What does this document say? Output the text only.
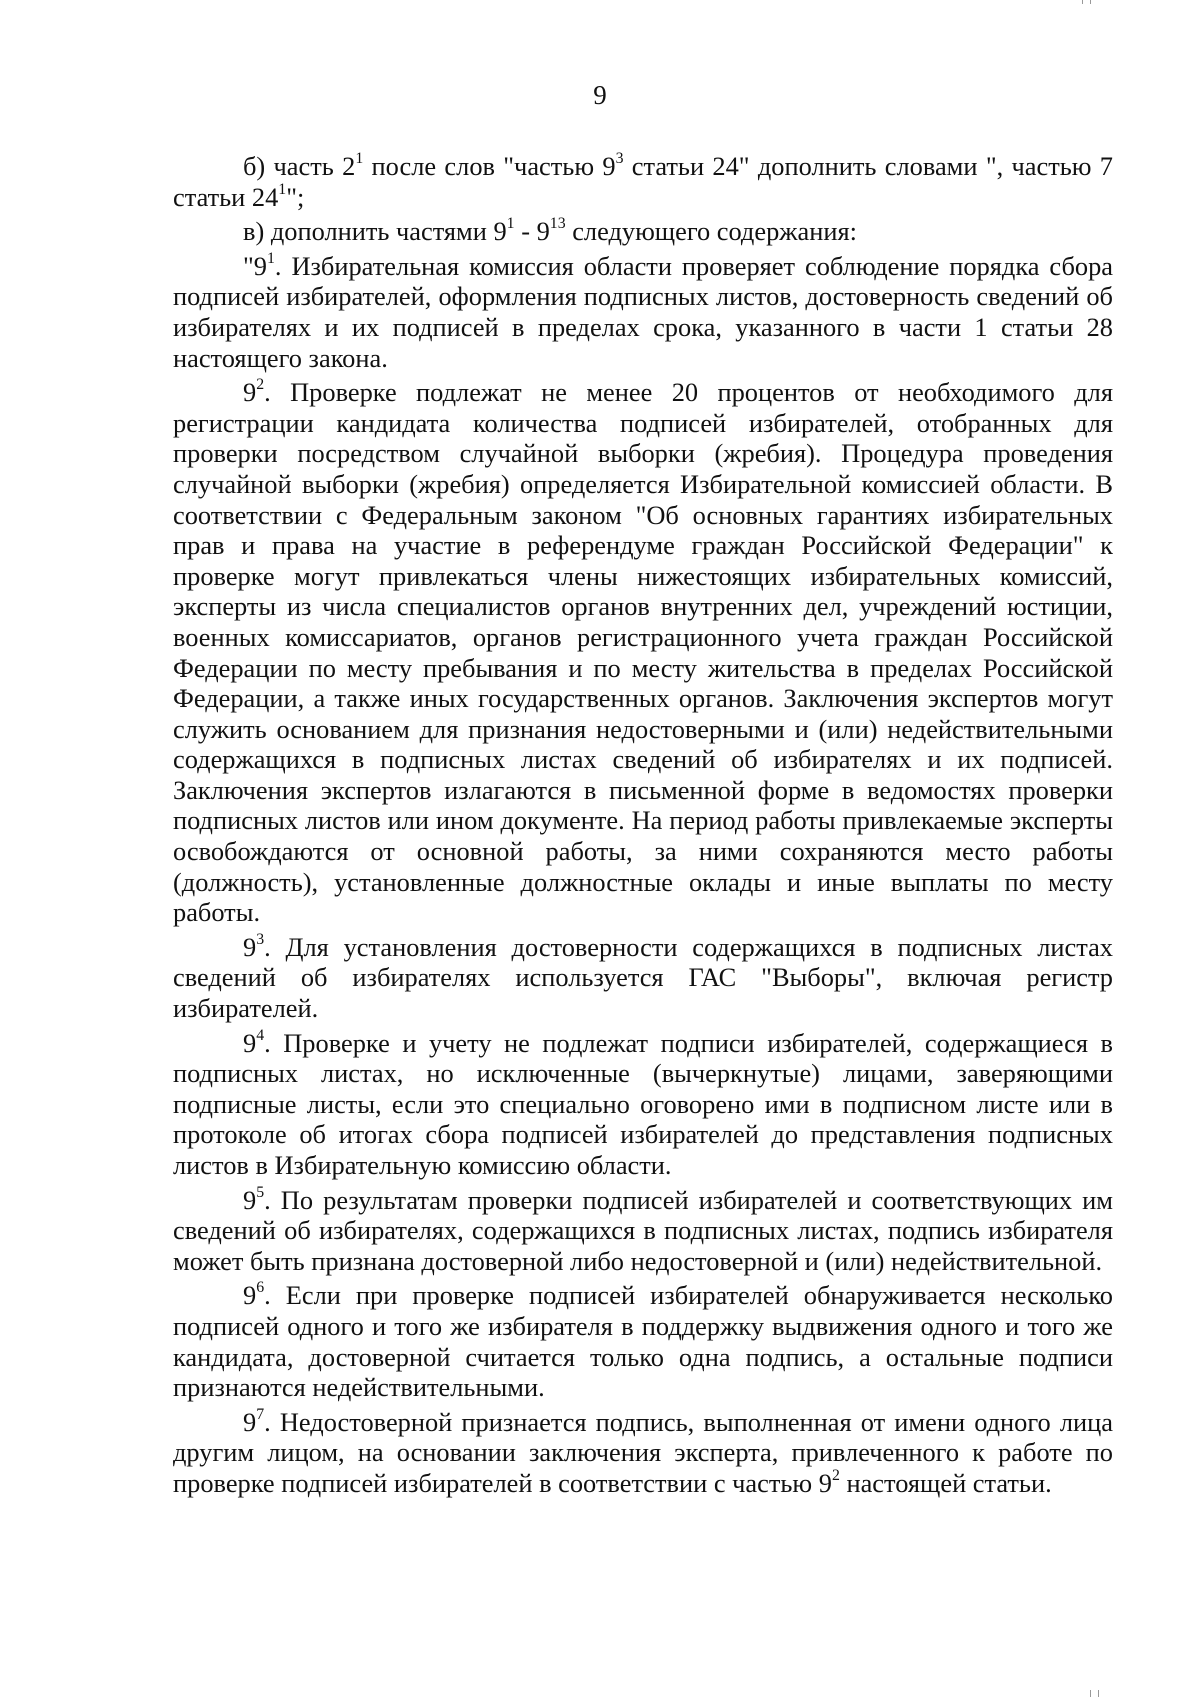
9

б) часть $2^1$ после слов "частью $9^3$ статьи 24" дополнить словами ", частью 7 статьи $24^1$";

в) дополнить частями $9^1 - 9^{13}$ следующего содержания:

"$9^1$. Избирательная комиссия области проверяет соблюдение порядка сбора подписей избирателей, оформления подписных листов, достоверность сведений об избирателях и их подписей в пределах срока, указанного в части 1 статьи 28 настоящего закона.

$9^2$. Проверке подлежат не менее 20 процентов от необходимого для регистрации кандидата количества подписей избирателей, отобранных для проверки посредством случайной выборки (жребия). Процедура проведения случайной выборки (жребия) определяется Избирательной комиссией области. В соответствии с Федеральным законом "Об основных гарантиях избирательных прав и права на участие в референдуме граждан Российской Федерации" к проверке могут привлекаться члены нижестоящих избирательных комиссий, эксперты из числа специалистов органов внутренних дел, учреждений юстиции, военных комиссариатов, органов регистрационного учета граждан Российской Федерации по месту пребывания и по месту жительства в пределах Российской Федерации, а также иных государственных органов. Заключения экспертов могут служить основанием для признания недостоверными и (или) недействительными содержащихся в подписных листах сведений об избирателях и их подписей. Заключения экспертов излагаются в письменной форме в ведомостях проверки подписных листов или ином документе. На период работы привлекаемые эксперты освобождаются от основной работы, за ними сохраняются место работы (должность), установленные должностные оклады и иные выплаты по месту работы.

$9^3$. Для установления достоверности содержащихся в подписных листах сведений об избирателях используется ГАС "Выборы", включая регистр избирателей.

$9^4$. Проверке и учету не подлежат подписи избирателей, содержащиеся в подписных листах, но исключенные (вычеркнутые) лицами, заверяющими подписные листы, если это специально оговорено ими в подписном листе или в протоколе об итогах сбора подписей избирателей до представления подписных листов в Избирательную комиссию области.

$9^5$. По результатам проверки подписей избирателей и соответствующих им сведений об избирателях, содержащихся в подписных листах, подпись избирателя может быть признана достоверной либо недостоверной и (или) недействительной.

$9^6$. Если при проверке подписей избирателей обнаруживается несколько подписей одного и того же избирателя в поддержку выдвижения одного и того же кандидата, достоверной считается только одна подпись, а остальные подписи признаются недействительными.

$9^7$. Недостоверной признается подпись, выполненная от имени одного лица другим лицом, на основании заключения эксперта, привлеченного к работе по проверке подписей избирателей в соответствии с частью $9^2$ настоящей статьи.
